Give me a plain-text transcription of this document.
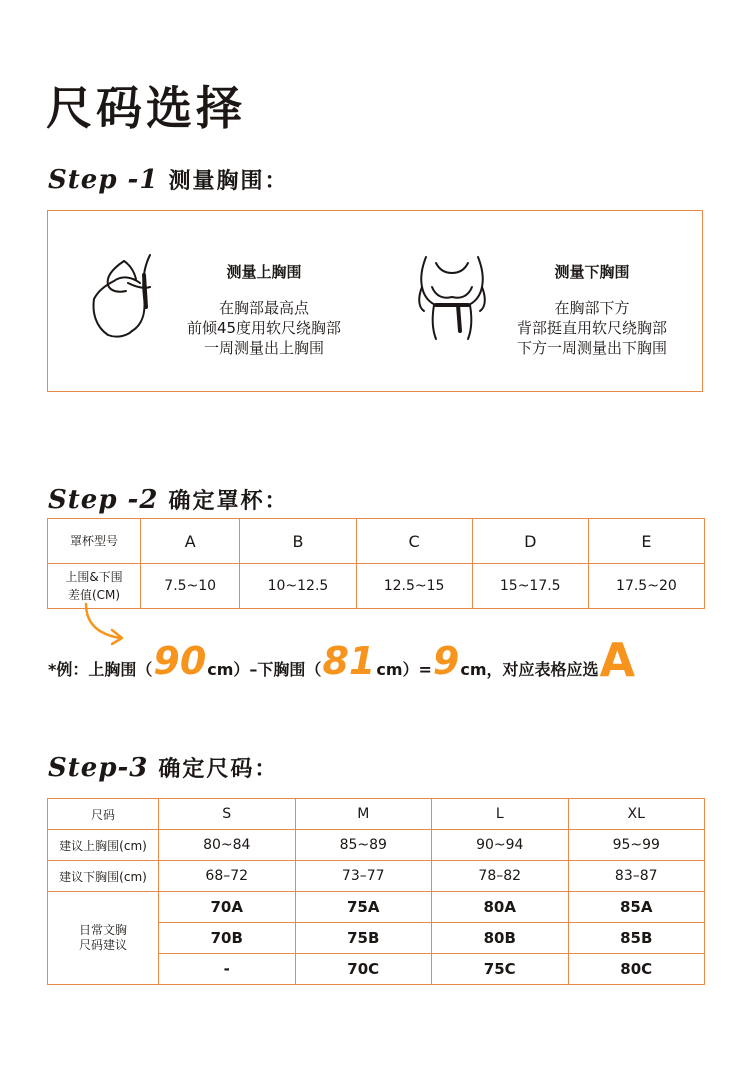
尺码选择
Step -1 测量胸围：
测量上胸围
在胸部最高点
前倾45度用软尺绕胸部
一周测量出上胸围
测量下胸围
在胸部下方
背部挺直用软尺绕胸部
下方一周测量出下胸围
Step -2 确定罩杯：
罩杯型号	A	B	C	D	E

上围&下围
差值(CM)	7.5~10	10~12.5	12.5~15	15~17.5	17.5~20
*例：上胸围（ 90 cm）–下胸围（ 81 cm）= 9 cm，对应表格应选 A
Step-3 确定尺码：
尺码	S	M	L	XL
建议上胸围(cm)	80~84	85~89	90~94	95~99
建议下胸围(cm)	68–72	73–77	78–82	83–87

日常文胸
尺码建议	70A	75A	80A	85A
	70B	75B	80B	85B
	-	70C	75C	80C
